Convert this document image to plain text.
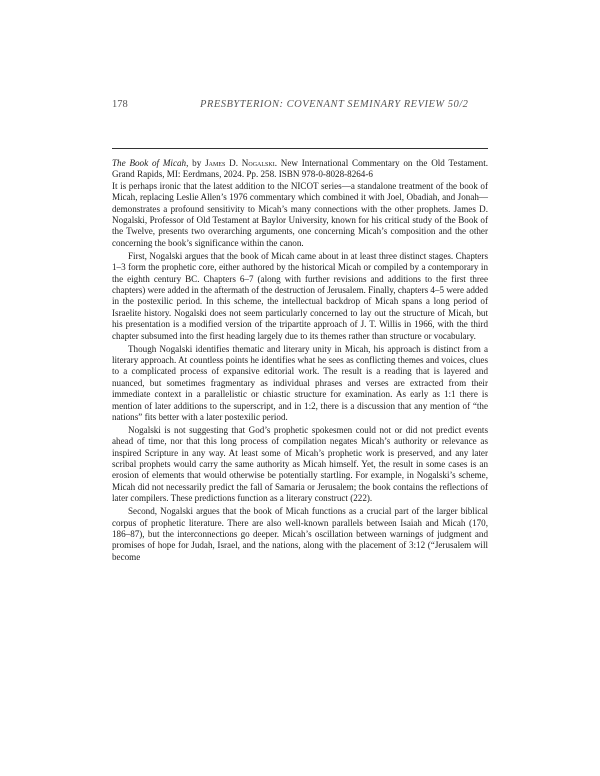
178	PRESBYTERION: COVENANT SEMINARY REVIEW 50/2

The Book of Micah, by James D. Nogalski. New International Commentary on the Old Testament. Grand Rapids, MI: Eerdmans, 2024. Pp. 258. ISBN 978-0-8028-8264-6

It is perhaps ironic that the latest addition to the NICOT series—a standalone treatment of the book of Micah, replacing Leslie Allen’s 1976 commentary which combined it with Joel, Obadiah, and Jonah—demonstrates a profound sensitivity to Micah’s many connections with the other prophets. James D. Nogalski, Professor of Old Testament at Baylor University, known for his critical study of the Book of the Twelve, presents two overarching arguments, one concerning Micah’s composition and the other concerning the book’s significance within the canon.

First, Nogalski argues that the book of Micah came about in at least three distinct stages. Chapters 1–3 form the prophetic core, either authored by the historical Micah or compiled by a contemporary in the eighth century BC. Chapters 6–7 (along with further revisions and additions to the first three chapters) were added in the aftermath of the destruction of Jerusalem. Finally, chapters 4–5 were added in the postexilic period. In this scheme, the intellectual backdrop of Micah spans a long period of Israelite history. Nogalski does not seem particularly concerned to lay out the structure of Micah, but his presentation is a modified version of the tripartite approach of J. T. Willis in 1966, with the third chapter subsumed into the first heading largely due to its themes rather than structure or vocabulary.

Though Nogalski identifies thematic and literary unity in Micah, his approach is distinct from a literary approach. At countless points he identifies what he sees as conflicting themes and voices, clues to a complicated process of expansive editorial work. The result is a reading that is layered and nuanced, but sometimes fragmentary as individual phrases and verses are extracted from their immediate context in a parallelistic or chiastic structure for examination. As early as 1:1 there is mention of later additions to the superscript, and in 1:2, there is a discussion that any mention of “the nations” fits better with a later postexilic period.

Nogalski is not suggesting that God’s prophetic spokesmen could not or did not predict events ahead of time, nor that this long process of compilation negates Micah’s authority or relevance as inspired Scripture in any way. At least some of Micah’s prophetic work is preserved, and any later scribal prophets would carry the same authority as Micah himself. Yet, the result in some cases is an erosion of elements that would otherwise be potentially startling. For example, in Nogalski’s scheme, Micah did not necessarily predict the fall of Samaria or Jerusalem; the book contains the reflections of later compilers. These predictions function as a literary construct (222).

Second, Nogalski argues that the book of Micah functions as a crucial part of the larger biblical corpus of prophetic literature. There are also well-known parallels between Isaiah and Micah (170, 186–87), but the interconnections go deeper. Micah’s oscillation between warnings of judgment and promises of hope for Judah, Israel, and the nations, along with the placement of 3:12 (“Jerusalem will become
